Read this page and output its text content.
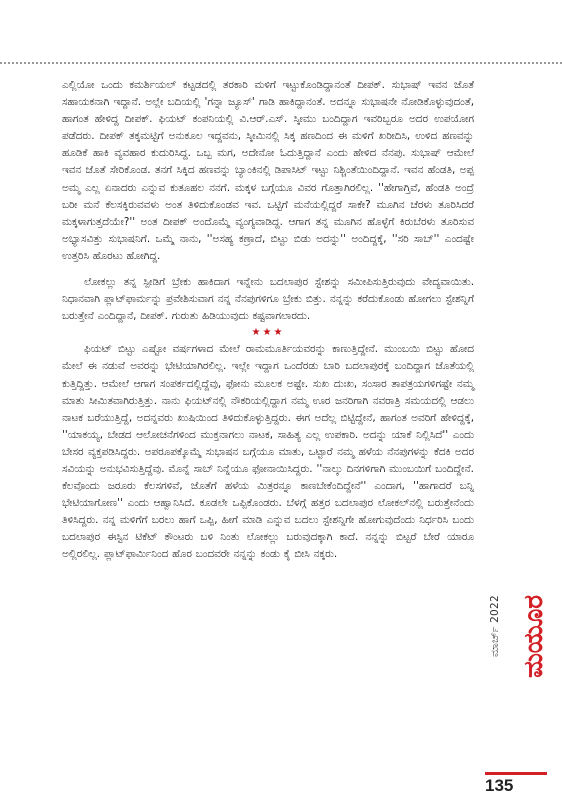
ಎಲ್ಲಿಯೋ ಒಂದು ಕಮರ್ಶಿಯಲ್ ಕಟ್ಟಡದಲ್ಲಿ ತರಕಾರಿ ಮಳಿಗೆ ಇಟ್ಟುಕೊಂಡಿದ್ದಾನಂತೆ ದೀಪಕ್. ಸುಭಾಷ್ ಇವನ ಜೊತೆ ಸಹಾಯಕನಾಗಿ ಇದ್ದಾನೆ. ಅಲ್ಲೇ ಬದಿಯಲ್ಲಿ 'ಗನ್ನಾ ಜ್ಯೂಸ್' ಗಾಡಿ ಹಾಕಿದ್ದಾನಂತೆ. ಅದನ್ನೂ ಸುಭಾಷನೇ ನೋಡಿಕೊಳ್ಳುವುದಂತೆ, ಹಾಗಂತ ಹೇಳಿದ್ದ ದೀಪಕ್. ಫಿಯಟ್ ಕಂಪನಿಯಲ್ಲಿ ವಿ.ಆರ್.ಎಸ್. ಸ್ಕೀಮು ಬಂದಿದ್ದಾಗ ಇವರಿಬ್ಬರೂ ಅದರ ಉಪಯೋಗ ಪಡೆದರು. ದೀಪಕ್ ತಕ್ಕಮಟ್ಟಿಗೆ ಅನುಕೂಲ ಇದ್ದವನು, ಸ್ಕೀಮಿನಲ್ಲಿ ಸಿಕ್ಕ ಹಣದಿಂದ ಈ ಮಳಿಗೆ ಖರೀದಿಸಿ, ಉಳಿದ ಹಣವನ್ನು ಹೂಡಿಕೆ ಹಾಕಿ ವ್ಯವಹಾರ ಕುದುರಿಸಿದ್ದ. ಒಬ್ಬ ಮಗ, ಅದೇನೋ ಓದುತ್ತಿದ್ದಾನೆ ಎಂದು ಹೇಳಿದ ನೆನಪು. ಸುಭಾಷ್ ಆಮೇಲೆ ಇವನ ಜೊತೆ ಸೇರಿಕೊಂಡ. ತನಗೆ ಸಿಕ್ಕಿದ ಹಣವನ್ನು ಬ್ಯಾಂಕಿನಲ್ಲಿ ಡಿಪಾಸಿಟ್ ಇಟ್ಟು ನಿಶ್ಚಿಂತೆಯಿಂದಿದ್ದಾನೆ. ಇವನ ಹೆಂಡತಿ, ಅಪ್ಪ ಅಮ್ಮ ಎಲ್ಲ ಏನಾದರು ಎನ್ನುವ ಕುತೂಹಲ ನನಗೆ. ಮಕ್ಕಳ ಬಗ್ಗೆಯೂ ವಿವರ ಗೊತ್ತಾಗಿರಲಿಲ್ಲ. ''ಹೇಗಾಗ್ತಿವೆ, ಹೆಂಡತಿ ಅಂದ್ರೆ ಬರೀ ಮನೆ ಕೆಲಸಕ್ಕಿರುವವಳು ಅಂತ ತಿಳಿದುಕೊಂಡವ ಇವ. ಒಟ್ಟಿಗೆ ಮನೆಯಲ್ಲಿದ್ದರೆ ಸಾಕೇ? ಮೂಗಿನ ಚೆರಳು ತೂರಿಸಿದರೆ ಮಕ್ಕಳಾಗುತ್ತದೆಯೇ?'' ಅಂತ ದೀಪಕ್ ಅಂದೊಮ್ಮೆ ವ್ಯಂಗ್ಯವಾಡಿದ್ದ. ಆಗಾಗ ತನ್ನ ಮೂಗಿನ ಹೊಳ್ಳೆಗೆ ಕಿರುಬೆರಳು ತೂರಿಸುವ ಅಭ್ಯಾಸವಿತ್ತು ಸುಭಾಷನಿಗೆ. ಒಮ್ಮೆ ನಾನು, ''ಅಸಹ್ಯ ಕಣ್ರಾದೆ, ಬಿಟ್ಟು ಬಿಡು ಅದನ್ನು'' ಅಂದಿದ್ದಕ್ಕೆ, ''ಸರಿ ಸಾಬ್'' ಎಂದಷ್ಟೇ ಉತ್ತರಿಸಿ ಹೊರಟು ಹೋಗಿದ್ದ.

ಲೋಕಲ್ಲು ತನ್ನ ಸ್ಪೀಡಿಗೆ ಬ್ರೇಕು ಹಾಕಿದಾಗ ಇನ್ನೇನು ಬದಲಾಪುರ ಸ್ಟೇಶನ್ನು ಸಮೀಪಿಸುತ್ತಿರುವುದು ವೇದ್ಯವಾಯಿತು. ನಿಧಾನವಾಗಿ ಪ್ಲಾಟ್‌ಫಾರ್ಮನ್ನು ಪ್ರವೇಶಿಸುವಾಗ ನನ್ನ ನೆನಪುಗಳಿಗೂ ಬ್ರೇಕು ಬಿತ್ತು. ನನ್ನನ್ನು ಕರೆದುಕೊಂಡು ಹೋಗಲು ಸ್ಟೇಶನ್ನಿಗೆ ಬರುತ್ತೇನೆ ಎಂದಿದ್ದಾನೆ, ದೀಪಕ್. ಗುರುತು ಹಿಡಿಯುವುದು ಕಷ್ಟವಾಗಲಾರದು.

★★★

ಫಿಯಟ್ ಬಿಟ್ಟು ಎಷ್ಟೋ ವರ್ಷಗಳಾದ ಮೇಲೆ ರಾಮಮೂರ್ತಿಯವರನ್ನು ಕಾಣುತ್ತಿದ್ದೇನೆ. ಮುಂಬಯಿ ಬಿಟ್ಟು ಹೋದ ಮೇಲೆ ಈ ನಡುವೆ ಅವರನ್ನು ಭೇಟಿಯಾಗಿರಲಿಲ್ಲ. ಇಲ್ಲೇ ಇದ್ದಾಗ ಒಂದೆರಡು ಬಾರಿ ಬದಲಾಪುರಕ್ಕೆ ಬಂದಿದ್ದಾಗ ಜೊತೆಯಲ್ಲಿ ಕುತ್ತಿದ್ದಿತ್ತು. ಆಮೇಲೆ ಆಗಾಗ ಸಂಪರ್ಕದಲ್ಲಿದ್ದೆವು, ಫೋನು ಮೂಲಕ ಅಷ್ಟೇ. ಸುಖ ದುಃಖ, ಸಂಸಾರ ತಾಪತ್ರಯಗಳಿಗಷ್ಟೇ ನಮ್ಮ ಮಾತು ಸೀಮಿತವಾಗಿರುತ್ತಿತ್ತು. ನಾನು ಫಿಯಟ್‌ನಲ್ಲಿ ನೌಕರಿಯಲ್ಲಿದ್ದಾಗ ನಮ್ಮ ಊರ ಜನರಿಗಾಗಿ ನವರಾತ್ರಿ ಸಮಯದಲ್ಲಿ ಆಡಲು ನಾಟಕ ಬರೆಯುತ್ತಿದ್ದೆ, ಅದನ್ನವರು ಖುಷಿಯಿಂದ ತಿಳಿದುಕೊಳ್ಳುತ್ತಿದ್ದರು. ಈಗ ಅದೆಲ್ಲ ಬಿಟ್ಟಿದ್ದೇನೆ, ಹಾಗಂತ ಅವರಿಗೆ ಹೇಳಿದ್ದಕ್ಕೆ, ''ಯಾಕಯ್ಯ, ಬೇಡದ ಆಲೋಚನೆಗಳಿಂದ ಮುಕ್ತನಾಗಲು ನಾಟಕ, ಸಾಹಿತ್ಯ ಎಲ್ಲ ಉಪಕಾರಿ. ಅದನ್ನು ಯಾಕೆ ನಿಲ್ಲಿಸಿದೆ'' ಎಂದು ಬೇಸರ ವ್ಯಕ್ತಪಡಿಸಿದ್ದರು. ಅಪರೂಪಕ್ಕೊಮ್ಮೆ ಸುಭಾಷನ ಬಗ್ಗೆಯೂ ಮಾತು, ಒಟ್ಟಾರೆ ನಮ್ಮ ಹಳೆಯ ನೆನಪುಗಳನ್ನು ಕೆದಕಿ ಅದರ ಸವಿಯನ್ನು ಅನುಭವಿಸುತ್ತಿದ್ದೆವು. ಮೊನ್ನೆ ಸಾಬ್ ನಿನ್ನೆಯೂ ಫೋನಾಯಿಸಿದ್ದರು. ''ನಾಲ್ಕು ದಿನಗಳಿಗಾಗಿ ಮುಂಬಯಿಗೆ ಬಂದಿದ್ದೇನೆ. ಕೆಲವೊಂದು ಜರೂರು ಕೆಲಸಗಳಿವೆ, ಜೊತೆಗೆ ಹಳೆಯ ಮಿತ್ರರನ್ನೂ ಕಾಣಬೇಕೆಂದಿದ್ದೇನೆ'' ಎಂದಾಗ, ''ಹಾಗಾದರೆ ಬನ್ನಿ ಭೇಟಿಯಾಗೋಣ'' ಎಂದು ಆಹ್ವಾನಿಸಿದೆ. ಕೂಡಲೇ ಒಪ್ಪಿಕೊಂಡರು. ಬೆಳಗ್ಗೆ ಹತ್ತರ ಬದಲಾಪುರ ಲೋಕಲ್‌ನಲ್ಲಿ ಬರುತ್ತೇನೆಂದು ತಿಳಿಸಿದ್ದರು. ನನ್ನ ಮಳಿಗೆಗೆ ಬರಲು ಹಾಗೆ ಒಪ್ಪಿ, ಹೀಗೆ ಮಾಡಿ ಎನ್ನುವ ಬದಲು ಸ್ಟೇಶನ್ನಿಗೇ ಹೋಗುವುದೆಂದು ನಿರ್ಧರಿಸಿ ಬಂದು ಬದಲಾಪುರ ಈಸ್ಟಿನ ಟಿಕೆಟ್ ಕೌಂಟರು ಬಳಿ ನಿಂತು ಲೋಕಲ್ಲು ಬರುವುದಕ್ಕಾಗಿ ಕಾದೆ. ನನ್ನನ್ನು ಬಿಟ್ಟರೆ ಬೇರೆ ಯಾರೂ ಅಲ್ಲಿರಲಿಲ್ಲ. ಪ್ಲಾಟ್‌ಫಾರ್ಮಿನಿಂದ ಹೊರ ಬಂದವರೇ ನನ್ನನ್ನು ಕಂಡು ಕೈ ಬೀಸಿ ನಕ್ಕರು.

ಮಾರ್ಚ್ 2022 ಮಯೂರ
135
